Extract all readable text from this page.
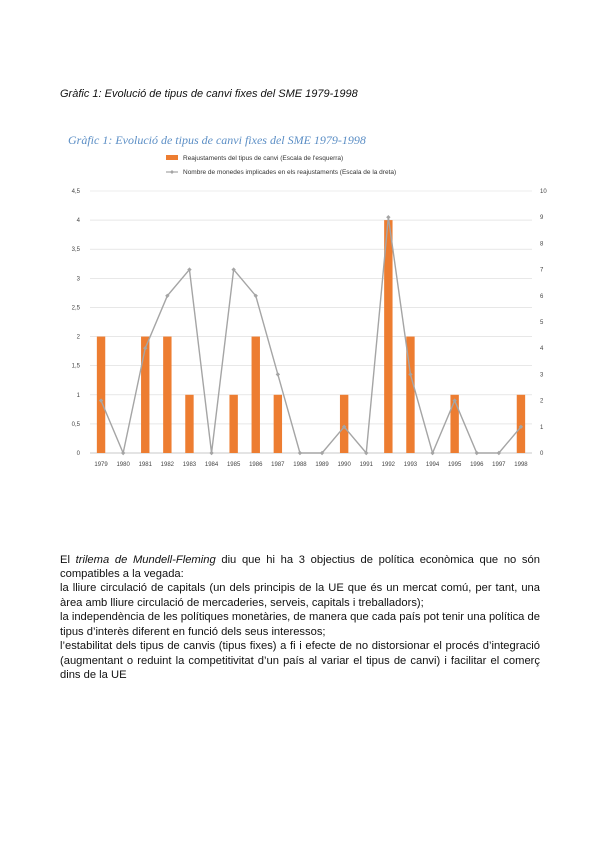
Gràfic 1: Evolució de tipus de canvi fixes del SME 1979-1998
Gràfic 1: Evolució de tipus de canvi fixes del SME 1979-1998
0
0,5
1
1,5
2
2,5
3
3,5
4
4,5
0
1
2
3
4
5
6
7
8
9
10
1979 1980 1981 1982 1983 1984 1985 1986 1987 1988 1989 1990 1991 1992 1993 1994 1995 1996 1997 1998
Reajustaments del tipus de canvi (Escala de l'esquerra)
Nombre de monedes implicades en els reajustaments (Escala de la dreta)

El trilema de Mundell-Fleming diu que hi ha 3 objectius de política econòmica que no són compatibles a la vegada:

la lliure circulació de capitals (un dels principis de la UE que és un mercat comú, per tant, una àrea amb lliure circulació de mercaderies, serveis, capitals i treballadors);

la independència de les polítiques monetàries, de manera que cada país pot tenir una política de tipus d’interès diferent en funció dels seus interessos;

l’estabilitat dels tipus de canvis (tipus fixes) a fi i efecte de no distorsionar el procés d’integració (augmentant o reduint la competitivitat d’un país al variar el tipus de canvi) i facilitar el comerç dins de la UE
